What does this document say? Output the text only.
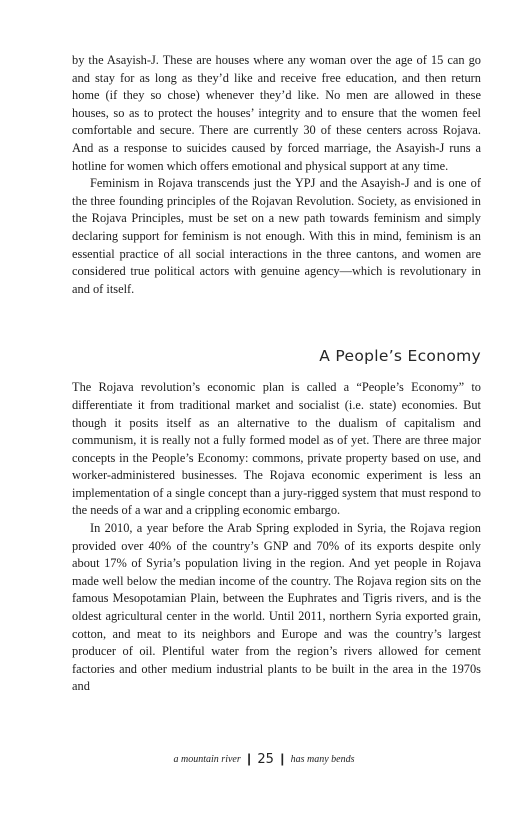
by the Asayish-J. These are houses where any woman over the age of 15 can go and stay for as long as they’d like and receive free education, and then return home (if they so chose) whenever they’d like. No men are allowed in these houses, so as to protect the houses’ integrity and to ensure that the women feel comfortable and secure. There are currently 30 of these centers across Rojava. And as a response to suicides caused by forced marriage, the Asayish-J runs a hotline for women which offers emotional and physical support at any time.

Feminism in Rojava transcends just the YPJ and the Asayish-J and is one of the three founding principles of the Rojavan Revolution. Society, as envisioned in the Rojava Principles, must be set on a new path towards feminism and simply declaring support for feminism is not enough. With this in mind, feminism is an essential practice of all social interactions in the three cantons, and women are considered true political actors with genuine agency—which is revolutionary in and of itself.

A People’s Economy

The Rojava revolution’s economic plan is called a “People’s Economy” to differentiate it from traditional market and socialist (i.e. state) economies. But though it posits itself as an alternative to the dualism of capitalism and communism, it is really not a fully formed model as of yet. There are three major concepts in the People’s Economy: commons, private property based on use, and worker-administered businesses. The Rojava economic experiment is less an implementation of a single concept than a jury-rigged system that must respond to the needs of a war and a crippling economic embargo.

In 2010, a year before the Arab Spring exploded in Syria, the Rojava region provided over 40% of the country’s GNP and 70% of its exports despite only about 17% of Syria’s population living in the region. And yet people in Rojava made well below the median income of the country. The Rojava region sits on the famous Mesopotamian Plain, between the Euphrates and Tigris rivers, and is the oldest agricultural center in the world. Until 2011, northern Syria exported grain, cotton, and meat to its neighbors and Europe and was the country’s largest producer of oil. Plentiful water from the region’s rivers allowed for cement factories and other medium industrial plants to be built in the area in the 1970s and

a mountain river | 25 | has many bends
